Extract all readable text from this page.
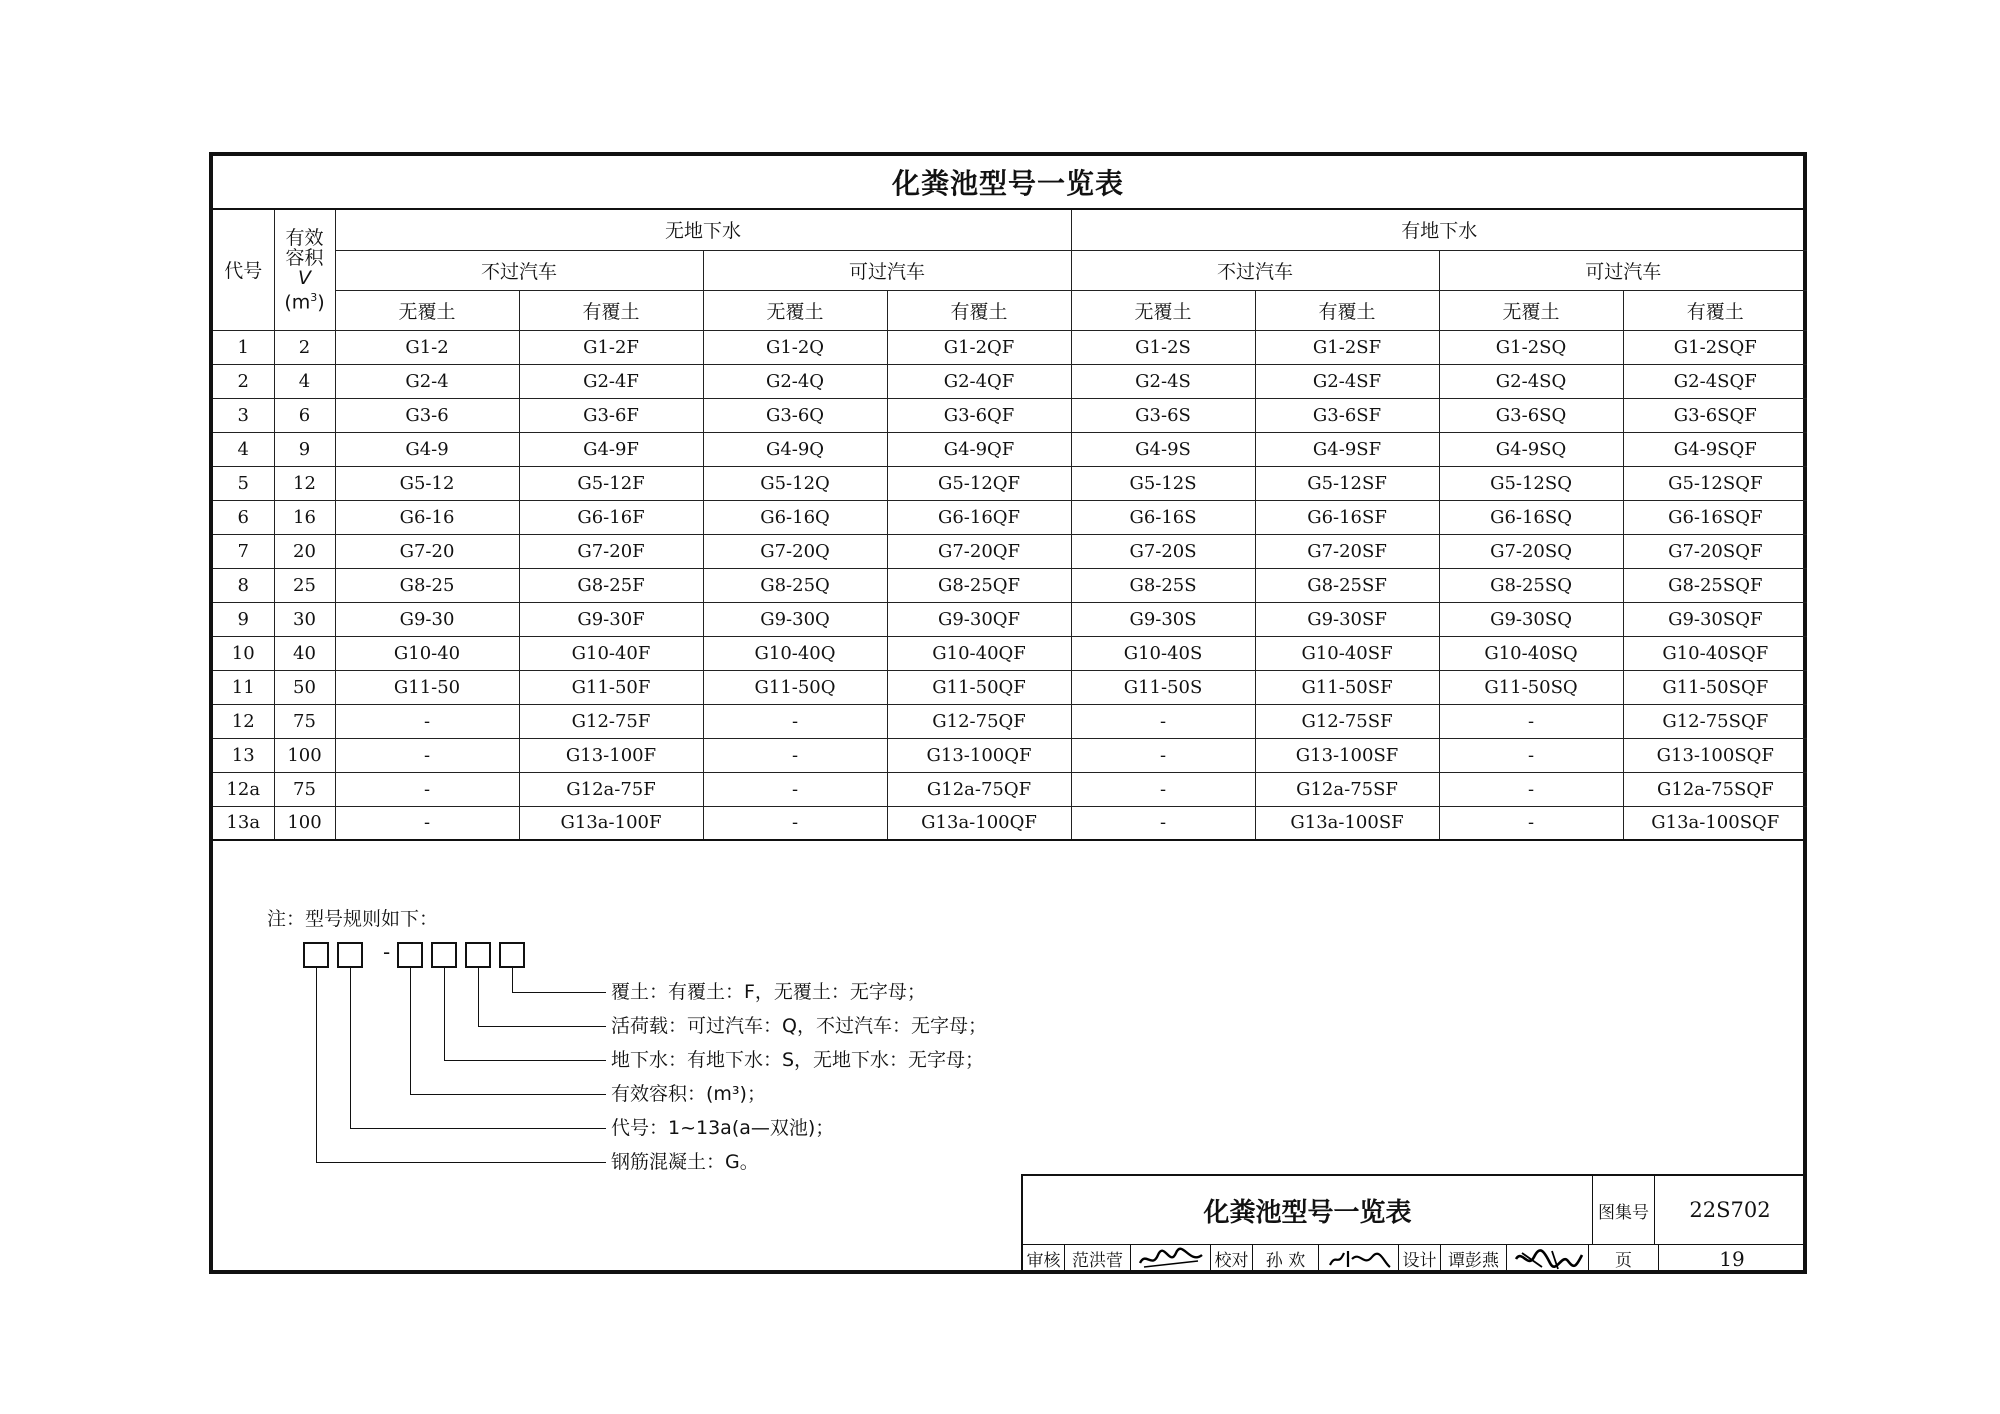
化粪池型号一览表
代号	有效
容积
V
$(m^3)$	无地下水				有地下水			
		不过汽车		可过汽车		不过汽车		可过汽车	
		无覆土	有覆土	无覆土	有覆土	无覆土	有覆土	无覆土	有覆土
1	2	G1-2	G1-2F	G1-2Q	G1-2QF	G1-2S	G1-2SF	G1-2SQ	G1-2SQF
2	4	G2-4	G2-4F	G2-4Q	G2-4QF	G2-4S	G2-4SF	G2-4SQ	G2-4SQF
3	6	G3-6	G3-6F	G3-6Q	G3-6QF	G3-6S	G3-6SF	G3-6SQ	G3-6SQF
4	9	G4-9	G4-9F	G4-9Q	G4-9QF	G4-9S	G4-9SF	G4-9SQ	G4-9SQF
5	12	G5-12	G5-12F	G5-12Q	G5-12QF	G5-12S	G5-12SF	G5-12SQ	G5-12SQF
6	16	G6-16	G6-16F	G6-16Q	G6-16QF	G6-16S	G6-16SF	G6-16SQ	G6-16SQF
7	20	G7-20	G7-20F	G7-20Q	G7-20QF	G7-20S	G7-20SF	G7-20SQ	G7-20SQF
8	25	G8-25	G8-25F	G8-25Q	G8-25QF	G8-25S	G8-25SF	G8-25SQ	G8-25SQF
9	30	G9-30	G9-30F	G9-30Q	G9-30QF	G9-30S	G9-30SF	G9-30SQ	G9-30SQF
10	40	G10-40	G10-40F	G10-40Q	G10-40QF	G10-40S	G10-40SF	G10-40SQ	G10-40SQF
11	50	G11-50	G11-50F	G11-50Q	G11-50QF	G11-50S	G11-50SF	G11-50SQ	G11-50SQF
12	75	-	G12-75F	-	G12-75QF	-	G12-75SF	-	G12-75SQF
13	100	-	G13-100F	-	G13-100QF	-	G13-100SF	-	G13-100SQF
12a	75	-	G12a-75F	-	G12a-75QF	-	G12a-75SF	-	G12a-75SQF
13a	100	-	G13a-100F	-	G13a-100QF	-	G13a-100SF	-	G13a-100SQF
注：型号规则如下：
-
覆土：有覆土：F，无覆土：无字母；
活荷载：可过汽车：Q，不过汽车：无字母；
地下水：有地下水：S，无地下水：无字母；
有效容积：(m³)；
代号：1~13a(a—双池)；
钢筋混凝土：G。
化粪池型号一览表	图集号	22S702
审核 范洪菅	校对	孙 欢	设计 谭彭燕	页	19
